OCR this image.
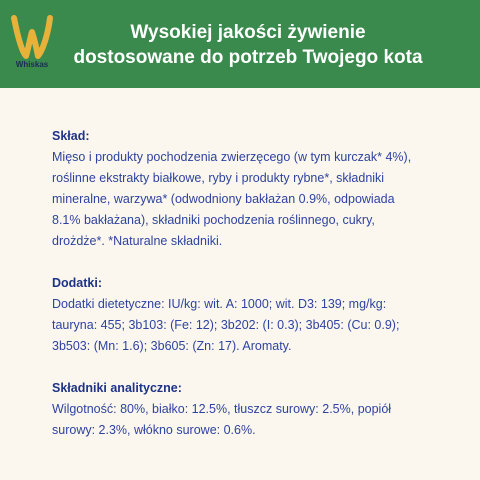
Whiskas
Wysokiej jakości żywienie
dostosowane do potrzeb Twojego kota
Skład:
Mięso i produkty pochodzenia zwierzęcego (w tym kurczak* 4%),
roślinne ekstrakty białkowe, ryby i produkty rybne*, składniki
mineralne, warzywa* (odwodniony bakłażan 0.9%, odpowiada
8.1% bakłażana), składniki pochodzenia roślinnego, cukry,
drożdże*. *Naturalne składniki.
Dodatki:
Dodatki dietetyczne: IU/kg: wit. A: 1000; wit. D3: 139; mg/kg:
tauryna: 455; 3b103: (Fe: 12); 3b202: (I: 0.3); 3b405: (Cu: 0.9);
3b503: (Mn: 1.6); 3b605: (Zn: 17). Aromaty.
Składniki analityczne:
Wilgotność: 80%, białko: 12.5%, tłuszcz surowy: 2.5%, popiół
surowy: 2.3%, włókno surowe: 0.6%.
